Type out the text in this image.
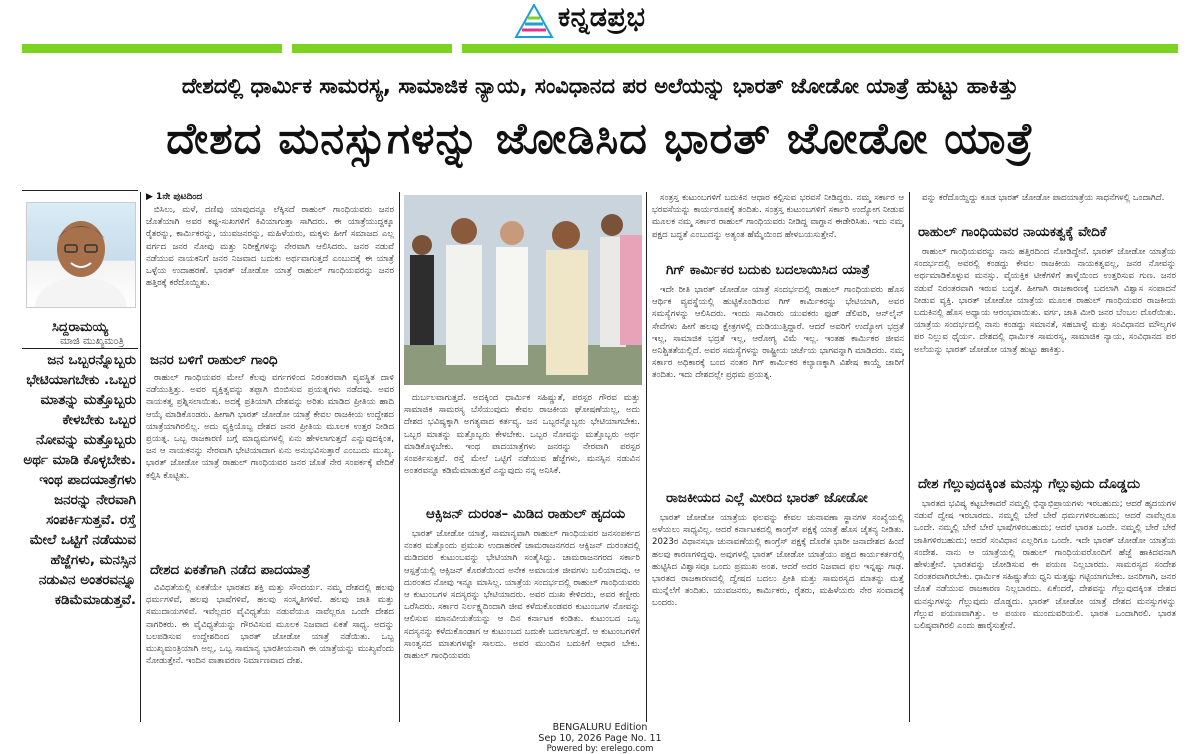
ಕನ್ನಡಪ್ರಭ
ದೇಶದಲ್ಲಿ ಧಾರ್ಮಿಕ ಸಾಮರಸ್ಯ, ಸಾಮಾಜಿಕ ನ್ಯಾಯ, ಸಂವಿಧಾನದ ಪರ ಅಲೆಯನ್ನು ಭಾರತ್ ಜೋಡೋ ಯಾತ್ರೆ ಹುಟ್ಟು ಹಾಕಿತ್ತು
ದೇಶದ ಮನಸ್ಸುಗಳನ್ನು ಜೋಡಿಸಿದ ಭಾರತ್ ಜೋಡೋ ಯಾತ್ರೆ
ಸಿದ್ದರಾಮಯ್ಯ
ಮಾಜಿ ಮುಖ್ಯಮಂತ್ರಿ
ಜನ ಒಬ್ಬರನ್ನೊಬ್ಬರು ಭೇಟಿಯಾಗಬೇಕು .ಒಬ್ಬರ ಮಾತನ್ನು ಮತ್ತೊಬ್ಬರು ಕೇಳಬೇಕು ಒಬ್ಬರ ನೋವನ್ನು ಮತ್ತೊಬ್ಬರು ಅರ್ಥ ಮಾಡಿ ಕೊಳ್ಳಬೇಕು. ಇಂಥ ಪಾದಯಾತ್ರೆಗಳು ಜನರನ್ನು ನೇರವಾಗಿ ಸಂಪರ್ಕಿಸುತ್ತವೆ. ರಸ್ತೆ ಮೇಲೆ ಒಟ್ಟಿಗೆ ನಡೆಯುವ ಹೆಜ್ಜೆಗಳು, ಮನಸ್ಸಿನ ನಡುವಿನ ಅಂತರವನ್ನೂ ಕಡಿಮೆಮಾಡುತ್ತವೆ.
▶ 1ನೇ ಪುಟದಿಂದ

ಬಿಸಿಲು, ಮಳೆ, ದಣಿವು ಯಾವುದನ್ನೂ ಲೆಕ್ಕಿಸದೆ ರಾಹುಲ್ ಗಾಂಧಿಯವರು ಜನರ ಜೊತೆಯಾಗಿ ಅವರ ಕಷ್ಟ-ಸುಖಗಳಿಗೆ ಕಿವಿಯಾಗುತ್ತಾ ಸಾಗಿದರು. ಈ ಯಾತ್ರೆಯುದ್ದಕ್ಕೂ ರೈತರನ್ನು, ಕಾರ್ಮಿಕರನ್ನು, ಯುವಜನರನ್ನು, ಮಹಿಳೆಯರು, ಮಕ್ಕಳು ಹೀಗೆ ಸಮಾಜದ ಎಲ್ಲ ವರ್ಗದ ಜನರ ನೋವು ಮತ್ತು ನಿರೀಕ್ಷೆಗಳನ್ನು ನೇರವಾಗಿ ಆಲಿಸಿದರು. ಜನರ ನಡುವೆ ನಡೆಯುವ ನಾಯಕನಿಗೆ ಜನರ ನಿಜವಾದ ಬದುಕು ಅರ್ಥವಾಗುತ್ತದೆ ಎಂಬುದಕ್ಕೆ ಈ ಯಾತ್ರೆ ಒಳ್ಳೆಯ ಉದಾಹರಣೆ. ಭಾರತ್ ಜೋಡೋ ಯಾತ್ರೆ ರಾಹುಲ್ ಗಾಂಧಿಯವರನ್ನು ಜನರ ಹತ್ತಿರಕ್ಕೆ ಕರೆದೊಯ್ದಿತು.

ಜನರ ಬಳಿಗೆ ರಾಹುಲ್ ಗಾಂಧಿ

ರಾಹುಲ್ ಗಾಂಧಿಯವರ ಮೇಲೆ ಕೆಲವು ವರ್ಗಗಳಿಂದ ನಿರಂತರವಾಗಿ ವ್ಯವಸ್ಥಿತ ದಾಳಿ ನಡೆಯುತ್ತಿತ್ತು. ಅವರ ವ್ಯಕ್ತಿತ್ವವನ್ನು ತಪ್ಪಾಗಿ ಬಿಂಬಿಸುವ ಪ್ರಯತ್ನಗಳು ನಡೆದವು. ಅವರ ನಾಯಕತ್ವ ಪ್ರಶ್ನಿಸಲಾಯಿತು. ಅದಕ್ಕೆ ಪ್ರತಿಯಾಗಿ ದೇಶವನ್ನು ಅರಿತು ಮಾಡಿದ ಪ್ರೀತಿಯ ಹಾದಿ ಆಯ್ಕೆ ಮಾಡಿಕೊಂಡರು. ಹೀಗಾಗಿ ಭಾರತ್ ಜೋಡೋ ಯಾತ್ರೆ ಕೇವಲ ರಾಜಕೀಯ ಉದ್ದೇಶದ ಯಾತ್ರೆಯಾಗಿರಲಿಲ್ಲ. ಅದು ವ್ಯಕ್ತಿಯೊಬ್ಬ ದೇಶದ ಜನರ ಪ್ರೀತಿಯ ಮೂಲಕ ಉತ್ತರ ನೀಡಿದ ಪ್ರಯತ್ನ. ಒಬ್ಬ ರಾಜಕಾರಣಿ ಬಗ್ಗೆ ಮಾಧ್ಯಮಗಳಲ್ಲಿ ಏನು ಹೇಳಲಾಗುತ್ತದೆ ಎನ್ನುವುದಕ್ಕಿಂತ, ಜನ ಆ ನಾಯಕನನ್ನು ನೇರವಾಗಿ ಭೇಟಿಯಾದಾಗ ಏನು ಅನುಭವಿಸುತ್ತಾರೆ ಎಂಬುದು ಮುಖ್ಯ. ಭಾರತ್ ಜೋಡೋ ಯಾತ್ರೆ ರಾಹುಲ್ ಗಾಂಧಿಯವರ ಜನರ ಜೊತೆ ನೇರ ಸಂಪರ್ಕಕ್ಕೆ ವೇದಿಕೆ ಕಲ್ಪಿಸಿ ಕೊಟ್ಟಿತು.

ದೇಶದ ಏಕತೆಗಾಗಿ ನಡೆದ ಪಾದಯಾತ್ರೆ

ವಿವಿಧತೆಯಲ್ಲಿ ಏಕತೆಯೇ ಭಾರತದ ಶಕ್ತಿ ಮತ್ತು ಸೌಂದರ್ಯ. ನಮ್ಮ ದೇಶದಲ್ಲಿ ಹಲವು ಧರ್ಮಗಳಿವೆ, ಹಲವು ಭಾಷೆಗಳಿವೆ, ಹಲವು ಸಂಸ್ಕೃತಿಗಳಿವೆ. ಹಲವು ಜಾತಿ ಮತ್ತು ಸಮುದಾಯಗಳಿವೆ. ಇವೆಲ್ಲದರ ವೈವಿಧ್ಯತೆಯ ನಡುವೆಯೂ ನಾವೆಲ್ಲರೂ ಒಂದೇ ದೇಶದ ನಾಗರಿಕರು. ಈ ವೈವಿಧ್ಯತೆಯನ್ನು ಗೌರವಿಸುವ ಮೂಲಕ ನಿಜವಾದ ಏಕತೆ ಸಾಧ್ಯ. ಅದನ್ನು ಬಲಪಡಿಸುವ ಉದ್ದೇಶದಿಂದ ಭಾರತ್ ಜೋಡೋ ಯಾತ್ರೆ ನಡೆಯಿತು. ಒಬ್ಬ ಮುಖ್ಯಮಂತ್ರಿಯಾಗಿ ಅಲ್ಲ, ಒಬ್ಬ ಸಾಮಾನ್ಯ ಭಾರತೀಯನಾಗಿ ಈ ಯಾತ್ರೆಯನ್ನು ಮುಖ್ಯವೆಂದು ನೋಡುತ್ತೇನೆ. ಇಂದಿನ ವಾತಾವರಣ ನಿರ್ಮಾಣವಾದ ದೇಶ.

ದುರ್ಬಲವಾಗುತ್ತದೆ. ಅದಕ್ಕಿಂದ ಧಾರ್ಮಿಕ ಸಹಿಷ್ಣುತೆ, ಪರಸ್ಪರ ಗೌರವ ಮತ್ತು ಸಾಮಾಜಿಕ ಸಾಮರಸ್ಯ ಬೆಸೆಯುವುದು ಕೇವಲ ರಾಜಕೀಯ ಘೋಷಣೆಯಲ್ಲ, ಅದು ದೇಶದ ಭವಿಷ್ಯಕ್ಕಾಗಿ ಅಗತ್ಯವಾದ ಕರ್ತವ್ಯ. ಜನ ಒಬ್ಬರನ್ನೊಬ್ಬರು ಭೇಟಿಯಾಗಬೇಕು. ಒಬ್ಬರ ಮಾತನ್ನು ಮತ್ತೊಬ್ಬರು ಕೇಳಬೇಕು. ಒಬ್ಬರ ನೋವನ್ನು ಮತ್ತೊಬ್ಬರು ಅರ್ಥ ಮಾಡಿಕೊಳ್ಳಬೇಕು. ಇಂಥ ಪಾದಯಾತ್ರೆಗಳು ಜನರನ್ನು ನೇರವಾಗಿ ಪರಸ್ಪರ ಸಂಪರ್ಕಿಸುತ್ತವೆ. ರಸ್ತೆ ಮೇಲೆ ಒಟ್ಟಿಗೆ ನಡೆಯುವ ಹೆಜ್ಜೆಗಳು, ಮನಸ್ಸಿನ ನಡುವಿನ ಅಂತರವನ್ನೂ ಕಡಿಮೆಮಾಡುತ್ತವೆ ಎನ್ನುವುದು ನನ್ನ ಅನಿಸಿಕೆ.

ಆಕ್ಸಿಜನ್ ದುರಂತ– ಮಿಡಿದ ರಾಹುಲ್ ಹೃದಯ

ಭಾರತ್ ಜೋಡೋ ಯಾತ್ರೆ, ಸಾಮಾನ್ಯವಾಗಿ ರಾಹುಲ್ ಗಾಂಧಿಯವರ ಜನಸಂಪರ್ಕದ ನಂತರ ಮತ್ತೊಂದು ಪ್ರಮುಖ ಉದಾಹರಣೆ ಚಾಮರಾಜನಗರದ ಆಕ್ಸಿಜನ್ ದುರಂತದಲ್ಲಿ ಮಡಿದವರ ಕುಟುಂಬವನ್ನು ಭೇಟಿಯಾಗಿ ಸಂತೈಸಿದ್ದು. ಚಾಮರಾಜನಗರದ ಸರ್ಕಾರಿ ಆಸ್ಪತ್ರೆಯಲ್ಲಿ ಆಕ್ಸಿಜನ್ ಕೊರತೆಯಿಂದ ಅನೇಕ ಅಮಾಯಕ ಜೀವಗಳು ಬಲಿಯಾದವು. ಆ ದುರಂತದ ನೋವು ಇನ್ನೂ ಮಾಸಿಲ್ಲ. ಯಾತ್ರೆಯ ಸಂದರ್ಭದಲ್ಲಿ ರಾಹುಲ್ ಗಾಂಧಿಯವರು ಆ ಕುಟುಂಬಗಳ ಸದಸ್ಯರನ್ನು ಭೇಟಿಯಾದರು. ಅವರ ದುಃಖ ಕೇಳಿದರು, ಅವರ ಕಣ್ಣೀರು ಒರೆಸಿದರು. ಸರ್ಕಾರ ನಿರ್ಲಕ್ಷ್ಯದಿಂದಾಗಿ ಜೀವ ಕಳೆದುಕೊಂಡವರ ಕುಟುಂಬಗಳ ನೋವನ್ನು ಆಲಿಸುವ ಮಾನವೀಯತೆಯನ್ನು ಆ ದಿನ ಕರ್ನಾಟಕ ಕಂಡಿತು. ಕುಟುಂಬದ ಒಬ್ಬ ಸದಸ್ಯನನ್ನು ಕಳೆದುಕೊಂಡಾಗ ಆ ಕುಟುಂಬದ ಬದುಕೇ ಬದಲಾಗುತ್ತದೆ. ಆ ಕುಟುಂಬಗಳಿಗೆ ಸಾಂತ್ವನದ ಮಾತುಗಳಷ್ಟೇ ಸಾಲದು. ಅವರ ಮುಂದಿನ ಬದುಕಿಗೆ ಆಧಾರ ಬೇಕು. ರಾಹುಲ್ ಗಾಂಧಿಯವರು

ಸಂತ್ರಸ್ತ ಕುಟುಂಬಗಳಿಗೆ ಬದುಕಿನ ಆಧಾರ ಕಲ್ಪಿಸುವ ಭರವಸೆ ನೀಡಿದ್ದರು. ನಮ್ಮ ಸರ್ಕಾರ ಆ ಭರವಸೆಯನ್ನು ಕಾರ್ಯರೂಪಕ್ಕೆ ತಂದಿತು. ಸಂತ್ರಸ್ತ ಕುಟುಂಬಗಳಿಗೆ ಸರ್ಕಾರಿ ಉದ್ಯೋಗ ನೀಡುವ ಮೂಲಕ ನಮ್ಮ ಸರ್ಕಾರ ರಾಹುಲ್ ಗಾಂಧಿಯವರು ನೀಡಿದ್ದ ವಾಗ್ದಾನ ಈಡೇರಿಸಿತು. ಇದು ನಮ್ಮ ಪಕ್ಷದ ಬದ್ಧತೆ ಎಂಬುದನ್ನು ಅತ್ಯಂತ ಹೆಮ್ಮೆಯಿಂದ ಹೇಳಬಯಸುತ್ತೇನೆ.

ಗಿಗ್ ಕಾರ್ಮಿಕರ ಬದುಕು ಬದಲಾಯಿಸಿದ ಯಾತ್ರೆ

ಇದೇ ರೀತಿ ಭಾರತ್ ಜೋಡೋ ಯಾತ್ರೆ ಸಂದರ್ಭದಲ್ಲಿ ರಾಹುಲ್ ಗಾಂಧಿಯವರು ಹೊಸ ಆರ್ಥಿಕ ವ್ಯವಸ್ಥೆಯಲ್ಲಿ ಹುಟ್ಟಿಕೊಂಡಿರುವ ಗಿಗ್ ಕಾರ್ಮಿಕರನ್ನು ಭೇಟಿಯಾಗಿ, ಅವರ ಸಮಸ್ಯೆಗಳನ್ನು ಆಲಿಸಿದರು. ಇಂದು ಸಾವಿರಾರು ಯುವಕರು ಫುಡ್ ಡೆಲಿವರಿ, ಆನ್‌ಲೈನ್ ಸೇವೆಗಳು ಹೀಗೆ ಹಲವು ಕ್ಷೇತ್ರಗಳಲ್ಲಿ ದುಡಿಯುತ್ತಿದ್ದಾರೆ. ಆದರೆ ಅವರಿಗೆ ಉದ್ಯೋಗ ಭದ್ರತೆ ಇಲ್ಲ, ಸಾಮಾಜಿಕ ಭದ್ರತೆ ಇಲ್ಲ, ಆರೋಗ್ಯ ವಿಮೆ ಇಲ್ಲ. ಇಂತಹ ಕಾರ್ಮಿಕರ ಜೀವನ ಅನಿಶ್ಚಿತತೆಯಲ್ಲಿದೆ. ಅವರ ಸಮಸ್ಯೆಗಳನ್ನು ರಾಷ್ಟ್ರೀಯ ಚರ್ಚೆಯ ಭಾಗವನ್ನಾಗಿ ಮಾಡಿದರು. ನಮ್ಮ ಸರ್ಕಾರ ಅಧಿಕಾರಕ್ಕೆ ಬಂದ ನಂತರ ಗಿಗ್ ಕಾರ್ಮಿಕರ ಕಲ್ಯಾಣಕ್ಕಾಗಿ ವಿಶೇಷ ಕಾಯ್ದೆ ಜಾರಿಗೆ ತಂದಿತು. ಇದು ದೇಶದಲ್ಲೇ ಪ್ರಥಮ ಪ್ರಯತ್ನ.

ರಾಜಕೀಯದ ಎಲ್ಲೆ ಮೀರಿದ ಭಾರತ್ ಜೋಡೋ

ಭಾರತ್ ಜೋಡೋ ಯಾತ್ರೆಯ ಫಲವನ್ನು ಕೇವಲ ಚುನಾವಣಾ ಸ್ಥಾನಗಳ ಸಂಖ್ಯೆಯಲ್ಲಿ ಅಳೆಯಲು ಸಾಧ್ಯವಿಲ್ಲ. ಆದರೆ ಕರ್ನಾಟಕದಲ್ಲಿ ಕಾಂಗ್ರೆಸ್ ಪಕ್ಷಕ್ಕೆ ಯಾತ್ರೆ ಹೊಸ ಚೈತನ್ಯ ನೀಡಿತು. 2023ರ ವಿಧಾನಸಭಾ ಚುನಾವಣೆಯಲ್ಲಿ ಕಾಂಗ್ರೆಸ್ ಪಕ್ಷಕ್ಕೆ ದೊರೆತ ಭಾರೀ ಜನಾದೇಶದ ಹಿಂದೆ ಹಲವು ಕಾರಣಗಳಿದ್ದವು. ಅವುಗಳಲ್ಲಿ ಭಾರತ್ ಜೋಡೋ ಯಾತ್ರೆಯು ಪಕ್ಷದ ಕಾರ್ಯಕರ್ತರಲ್ಲಿ ಹುಟ್ಟಿಸಿದ ವಿಶ್ವಾಸವೂ ಒಂದು ಪ್ರಮುಖ ಅಂಶ. ಆದರೆ ಅದರ ನಿಜವಾದ ಫಲ ಇನ್ನಷ್ಟು ಗಾಢ. ಭಾರತದ ರಾಜಕಾರಣದಲ್ಲಿ ದ್ವೇಷದ ಬದಲು ಪ್ರೀತಿ ಮತ್ತು ಸಾಮರಸ್ಯದ ಮಾತನ್ನು ಮತ್ತೆ ಮುನ್ನೆಲೆಗೆ ತಂದಿತು. ಯುವಜನರು, ಕಾರ್ಮಿಕರು, ರೈತರು, ಮಹಿಳೆಯರು ನೇರ ಸಂವಾದಕ್ಕೆ ಬಂದರು.

ವನ್ನು ಕರೆದೊಯ್ದಿದ್ದು ಕೂಡ ಭಾರತ್ ಜೋಡೋ ಪಾದಯಾತ್ರೆಯ ಸಾಧನೆಗಳಲ್ಲಿ ಒಂದಾಗಿದೆ.

ರಾಹುಲ್ ಗಾಂಧಿಯವರ ನಾಯಕತ್ವಕ್ಕೆ ವೇದಿಕೆ

ರಾಹುಲ್ ಗಾಂಧಿಯವರನ್ನು ನಾನು ಹತ್ತಿರದಿಂದ ನೋಡಿದ್ದೇನೆ. ಭಾರತ್ ಜೋಡೋ ಯಾತ್ರೆಯ ಸಂದರ್ಭದಲ್ಲಿ ಅವರಲ್ಲಿ ಕಂಡದ್ದು ಕೇವಲ ರಾಜಕೀಯ ನಾಯಕತ್ವವಲ್ಲ, ಜನರ ನೋವನ್ನು ಅರ್ಥಮಾಡಿಕೊಳ್ಳುವ ಮನಸ್ಸು. ವೈಯಕ್ತಿಕ ಟೀಕೆಗಳಿಗೆ ತಾಳ್ಮೆಯಿಂದ ಉತ್ತರಿಸುವ ಗುಣ. ಜನರ ನಡುವೆ ನಿರಂತರವಾಗಿ ಇರುವ ಬದ್ಧತೆ. ಹೀಗಾಗಿ ರಾಜಕಾರಣಕ್ಕೆ ಬದಲಾಗಿ ವಿಶ್ವಾಸ ಸಂಪಾದನೆ ನೀಡುವ ವ್ಯಕ್ತಿ. ಭಾರತ್ ಜೋಡೋ ಯಾತ್ರೆಯ ಮೂಲಕ ರಾಹುಲ್ ಗಾಂಧಿಯವರ ರಾಜಕೀಯ ಬದುಕಿನಲ್ಲಿ ಹೊಸ ಅಧ್ಯಾಯ ಆರಂಭವಾಯಿತು. ವರ್ಗ, ಜಾತಿ ಮೀರಿ ಜನರ ಬೆಂಬಲ ದೊರೆಯಿತು. ಯಾತ್ರೆಯ ಸಂದರ್ಭದಲ್ಲಿ ನಾನು ಕಂಡದ್ದು ಸಮಾನತೆ, ಸಹಬಾಳ್ವೆ ಮತ್ತು ಸಂವಿಧಾನದ ಮೌಲ್ಯಗಳ ಪರ ನಿಲ್ಲುವ ಧೈರ್ಯ. ದೇಶದಲ್ಲಿ ಧಾರ್ಮಿಕ ಸಾಮರಸ್ಯ, ಸಾಮಾಜಿಕ ನ್ಯಾಯ, ಸಂವಿಧಾನದ ಪರ ಅಲೆಯನ್ನು ಭಾರತ್ ಜೋಡೋ ಯಾತ್ರೆ ಹುಟ್ಟು ಹಾಕಿತ್ತು.

ದೇಶ ಗೆಲ್ಲುವುದಕ್ಕಿಂತ ಮನಸ್ಸು ಗೆಲ್ಲುವುದು ದೊಡ್ಡದು

ಭಾರತದ ಭವಿಷ್ಯ ಕಟ್ಟಬೇಕಾದರೆ ನಮ್ಮಲ್ಲಿ ಭಿನ್ನಾಭಿಪ್ರಾಯಗಳು ಇರಬಹುದು; ಆದರೆ ಹೃದಯಗಳ ನಡುವೆ ದ್ವೇಷ ಇರಬಾರದು. ನಮ್ಮಲ್ಲಿ ಬೇರೆ ಬೇರೆ ಧರ್ಮಗಳಿರಬಹುದು; ಆದರೆ ನಾವೆಲ್ಲರೂ ಒಂದೇ. ನಮ್ಮಲ್ಲಿ ಬೇರೆ ಬೇರೆ ಭಾಷೆಗಳಿರಬಹುದು; ಆದರೆ ಭಾರತ ಒಂದೇ. ನಮ್ಮಲ್ಲಿ ಬೇರೆ ಬೇರೆ ಜಾತಿಗಳಿರಬಹುದು; ಆದರೆ ಸಂವಿಧಾನ ಎಲ್ಲರಿಗೂ ಒಂದೇ. ಇದೇ ಭಾರತ್ ಜೋಡೋ ಯಾತ್ರೆಯ ಸಂದೇಶ. ನಾನು ಆ ಯಾತ್ರೆಯಲ್ಲಿ ರಾಹುಲ್ ಗಾಂಧಿಯವರೊಂದಿಗೆ ಹೆಜ್ಜೆ ಹಾಕಿದವನಾಗಿ ಹೇಳುತ್ತೇನೆ. ಭಾರತವನ್ನು ಜೋಡಿಸುವ ಈ ಪಯಣ ನಿಲ್ಲಬಾರದು. ಸಾಮರಸ್ಯದ ಸಂದೇಶ ನಿರಂತರವಾಗಿರಬೇಕು. ಧಾರ್ಮಿಕ ಸಹಿಷ್ಣುತೆಯ ಧ್ವನಿ ಮತ್ತಷ್ಟು ಗಟ್ಟಿಯಾಗಬೇಕು. ಜನರಿಗಾಗಿ, ಜನರ ಜೊತೆ ನಡೆಯುವ ರಾಜಕಾರಣ ನಿಲ್ಲಬಾರದು. ಏಕೆಂದರೆ, ದೇಶವನ್ನು ಗೆಲ್ಲುವುದಕ್ಕಿಂತ ದೇಶದ ಮನಸ್ಸುಗಳನ್ನು ಗೆಲ್ಲುವುದು ದೊಡ್ಡದು. ಭಾರತ್ ಜೋಡೋ ಯಾತ್ರೆ ದೇಶದ ಮನಸ್ಸುಗಳನ್ನು ಗೆಲ್ಲುವ ಪಯಣವಾಗಿತ್ತು. ಆ ಪಯಣ ಮುಂದುವರಿಯಲಿ. ಭಾರತ ಒಂದಾಗಿರಲಿ. ಭಾರತ ಬಲಿಷ್ಠವಾಗಿರಲಿ ಎಂದು ಹಾರೈಸುತ್ತೇನೆ.

BENGALURU Edition
Sep 10, 2026 Page No. 11
Powered by: erelego.com
